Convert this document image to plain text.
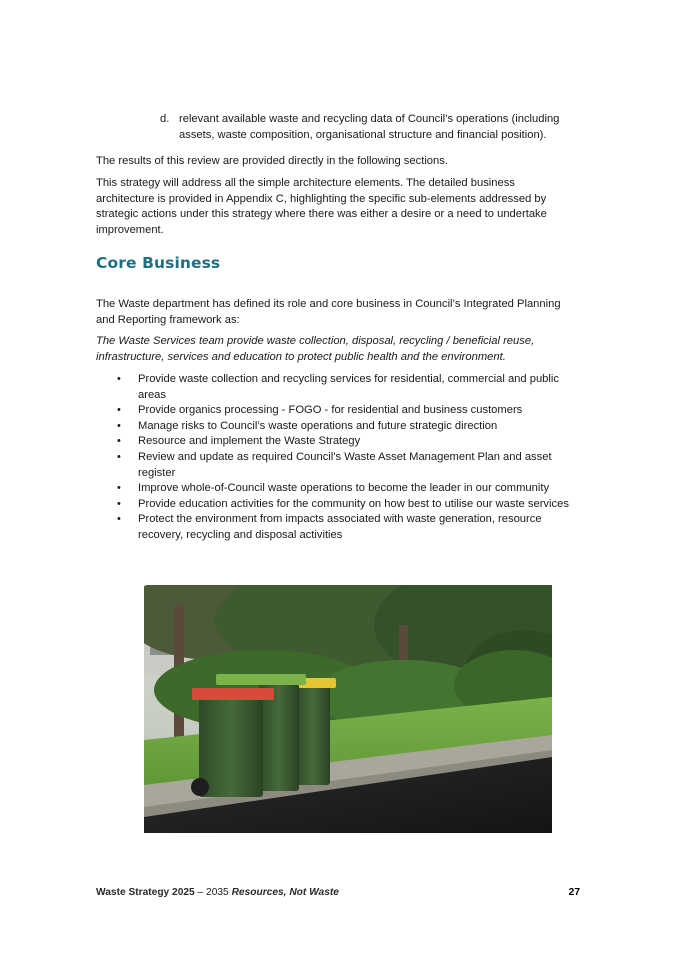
d. relevant available waste and recycling data of Council’s operations (including assets, waste composition, organisational structure and financial position).

The results of this review are provided directly in the following sections.

This strategy will address all the simple architecture elements. The detailed business architecture is provided in Appendix C, highlighting the specific sub-elements addressed by strategic actions under this strategy where there was either a desire or a need to undertake improvement.

Core Business

The Waste department has defined its role and core business in Council’s Integrated Planning and Reporting framework as:

The Waste Services team provide waste collection, disposal, recycling / beneficial reuse, infrastructure, services and education to protect public health and the environment.

• Provide waste collection and recycling services for residential, commercial and public areas
• Provide organics processing - FOGO - for residential and business customers
• Manage risks to Council’s waste operations and future strategic direction
• Resource and implement the Waste Strategy
• Review and update as required Council’s Waste Asset Management Plan and asset register
• Improve whole-of-Council waste operations to become the leader in our community
• Provide education activities for the community on how best to utilise our waste services
• Protect the environment from impacts associated with waste generation, resource recovery, recycling and disposal activities
Waste Strategy 2025 – 2035 Resources, Not Waste	27
